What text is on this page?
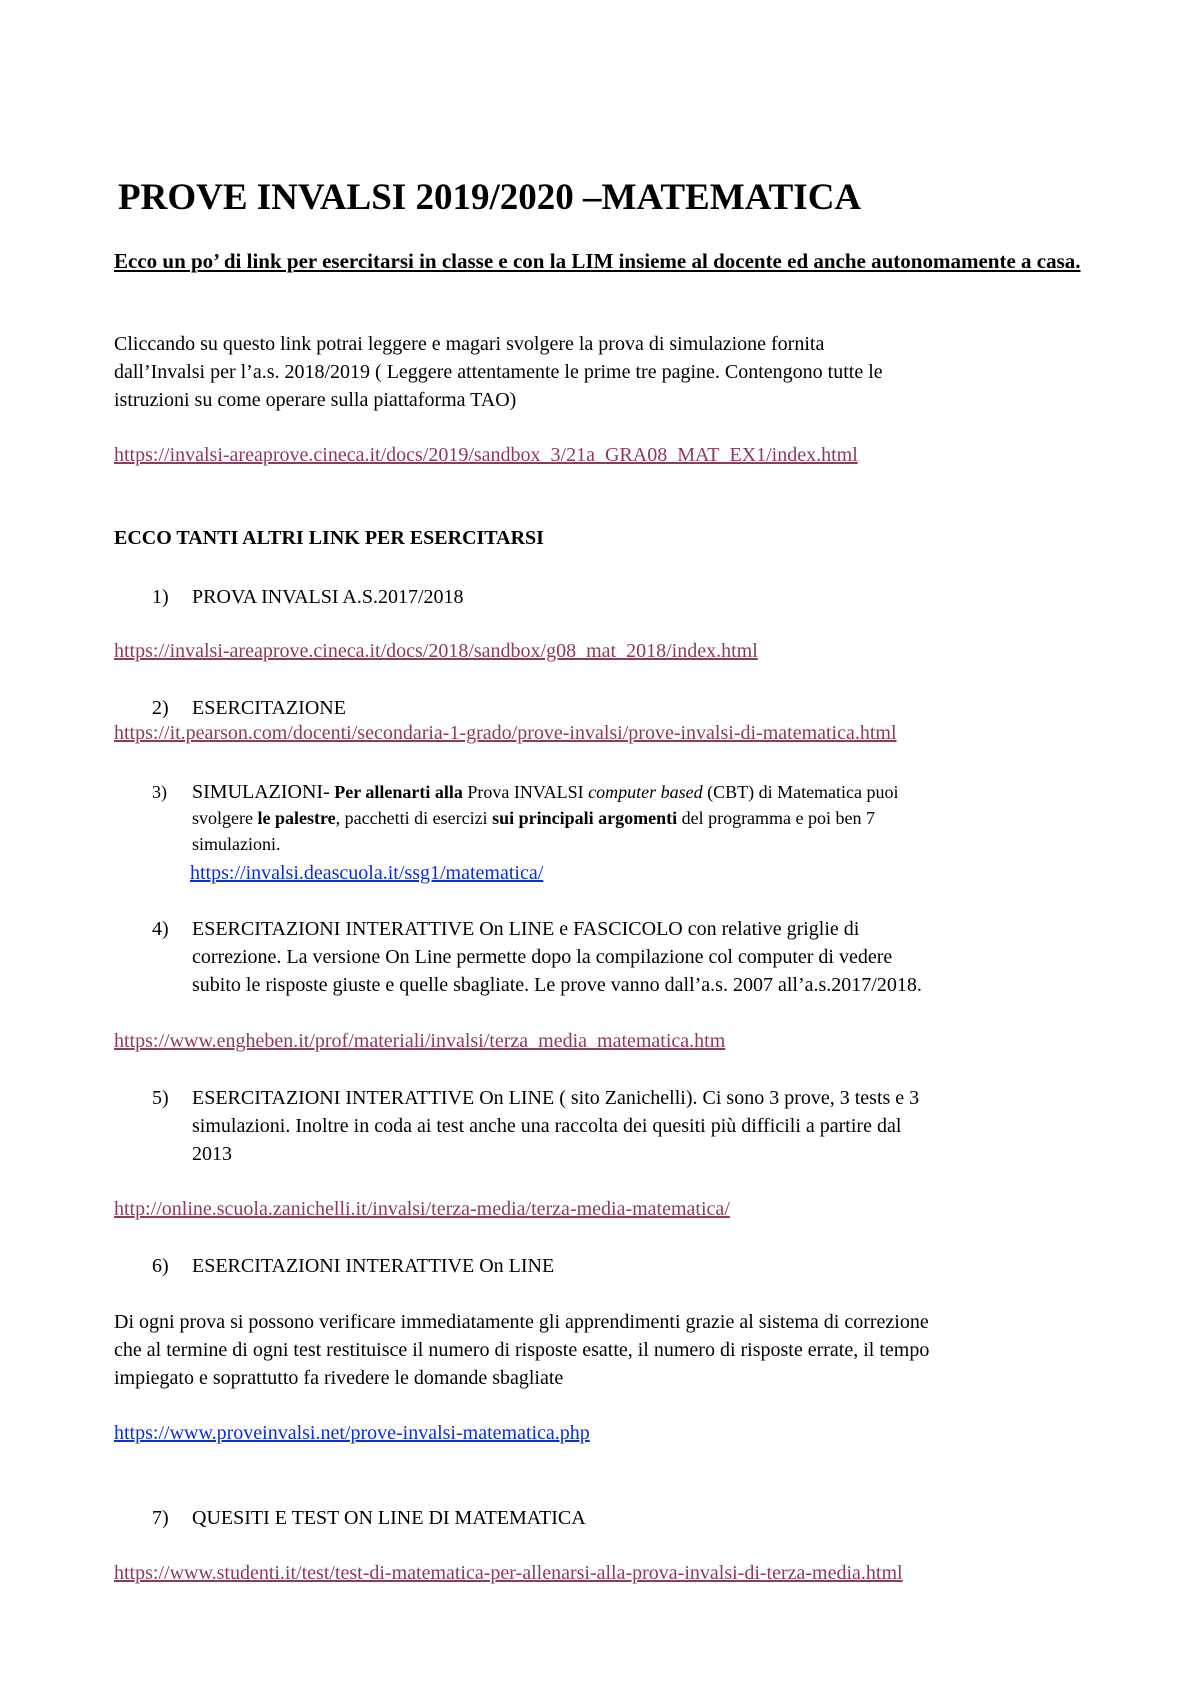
PROVE INVALSI 2019/2020 –MATEMATICA

Ecco un po’ di link per esercitarsi in classe e con la LIM insieme al docente ed anche autonomamente a casa.

Cliccando su questo link potrai leggere e magari svolgere la prova di simulazione fornita
dall’Invalsi per l’a.s. 2018/2019 ( Leggere attentamente le prime tre pagine. Contengono tutte le
istruzioni su come operare sulla piattaforma TAO)
https://invalsi-areaprove.cineca.it/docs/2019/sandbox_3/21a_GRA08_MAT_EX1/index.html
ECCO TANTI ALTRI LINK PER ESERCITARSI
1) PROVA INVALSI A.S.2017/2018
https://invalsi-areaprove.cineca.it/docs/2018/sandbox/g08_mat_2018/index.html
2) ESERCITAZIONE
https://it.pearson.com/docenti/secondaria-1-grado/prove-invalsi/prove-invalsi-di-matematica.html
3) SIMULAZIONI- Per allenarti alla Prova INVALSI computer based (CBT) di Matematica puoi
svolgere le palestre, pacchetti di esercizi sui principali argomenti del programma e poi ben 7
simulazioni.
https://invalsi.deascuola.it/ssg1/matematica/
4) ESERCITAZIONI INTERATTIVE On LINE e FASCICOLO con relative griglie di
correzione. La versione On Line permette dopo la compilazione col computer di vedere
subito le risposte giuste e quelle sbagliate. Le prove vanno dall’a.s. 2007 all’a.s.2017/2018.
https://www.engheben.it/prof/materiali/invalsi/terza_media_matematica.htm
5) ESERCITAZIONI INTERATTIVE On LINE ( sito Zanichelli). Ci sono 3 prove, 3 tests e 3
simulazioni. Inoltre in coda ai test anche una raccolta dei quesiti più difficili a partire dal
2013
http://online.scuola.zanichelli.it/invalsi/terza-media/terza-media-matematica/
6) ESERCITAZIONI INTERATTIVE On LINE
Di ogni prova si possono verificare immediatamente gli apprendimenti grazie al sistema di correzione
che al termine di ogni test restituisce il numero di risposte esatte, il numero di risposte errate, il tempo
impiegato e soprattutto fa rivedere le domande sbagliate
https://www.proveinvalsi.net/prove-invalsi-matematica.php
7) QUESITI E TEST ON LINE DI MATEMATICA
https://www.studenti.it/test/test-di-matematica-per-allenarsi-alla-prova-invalsi-di-terza-media.html
